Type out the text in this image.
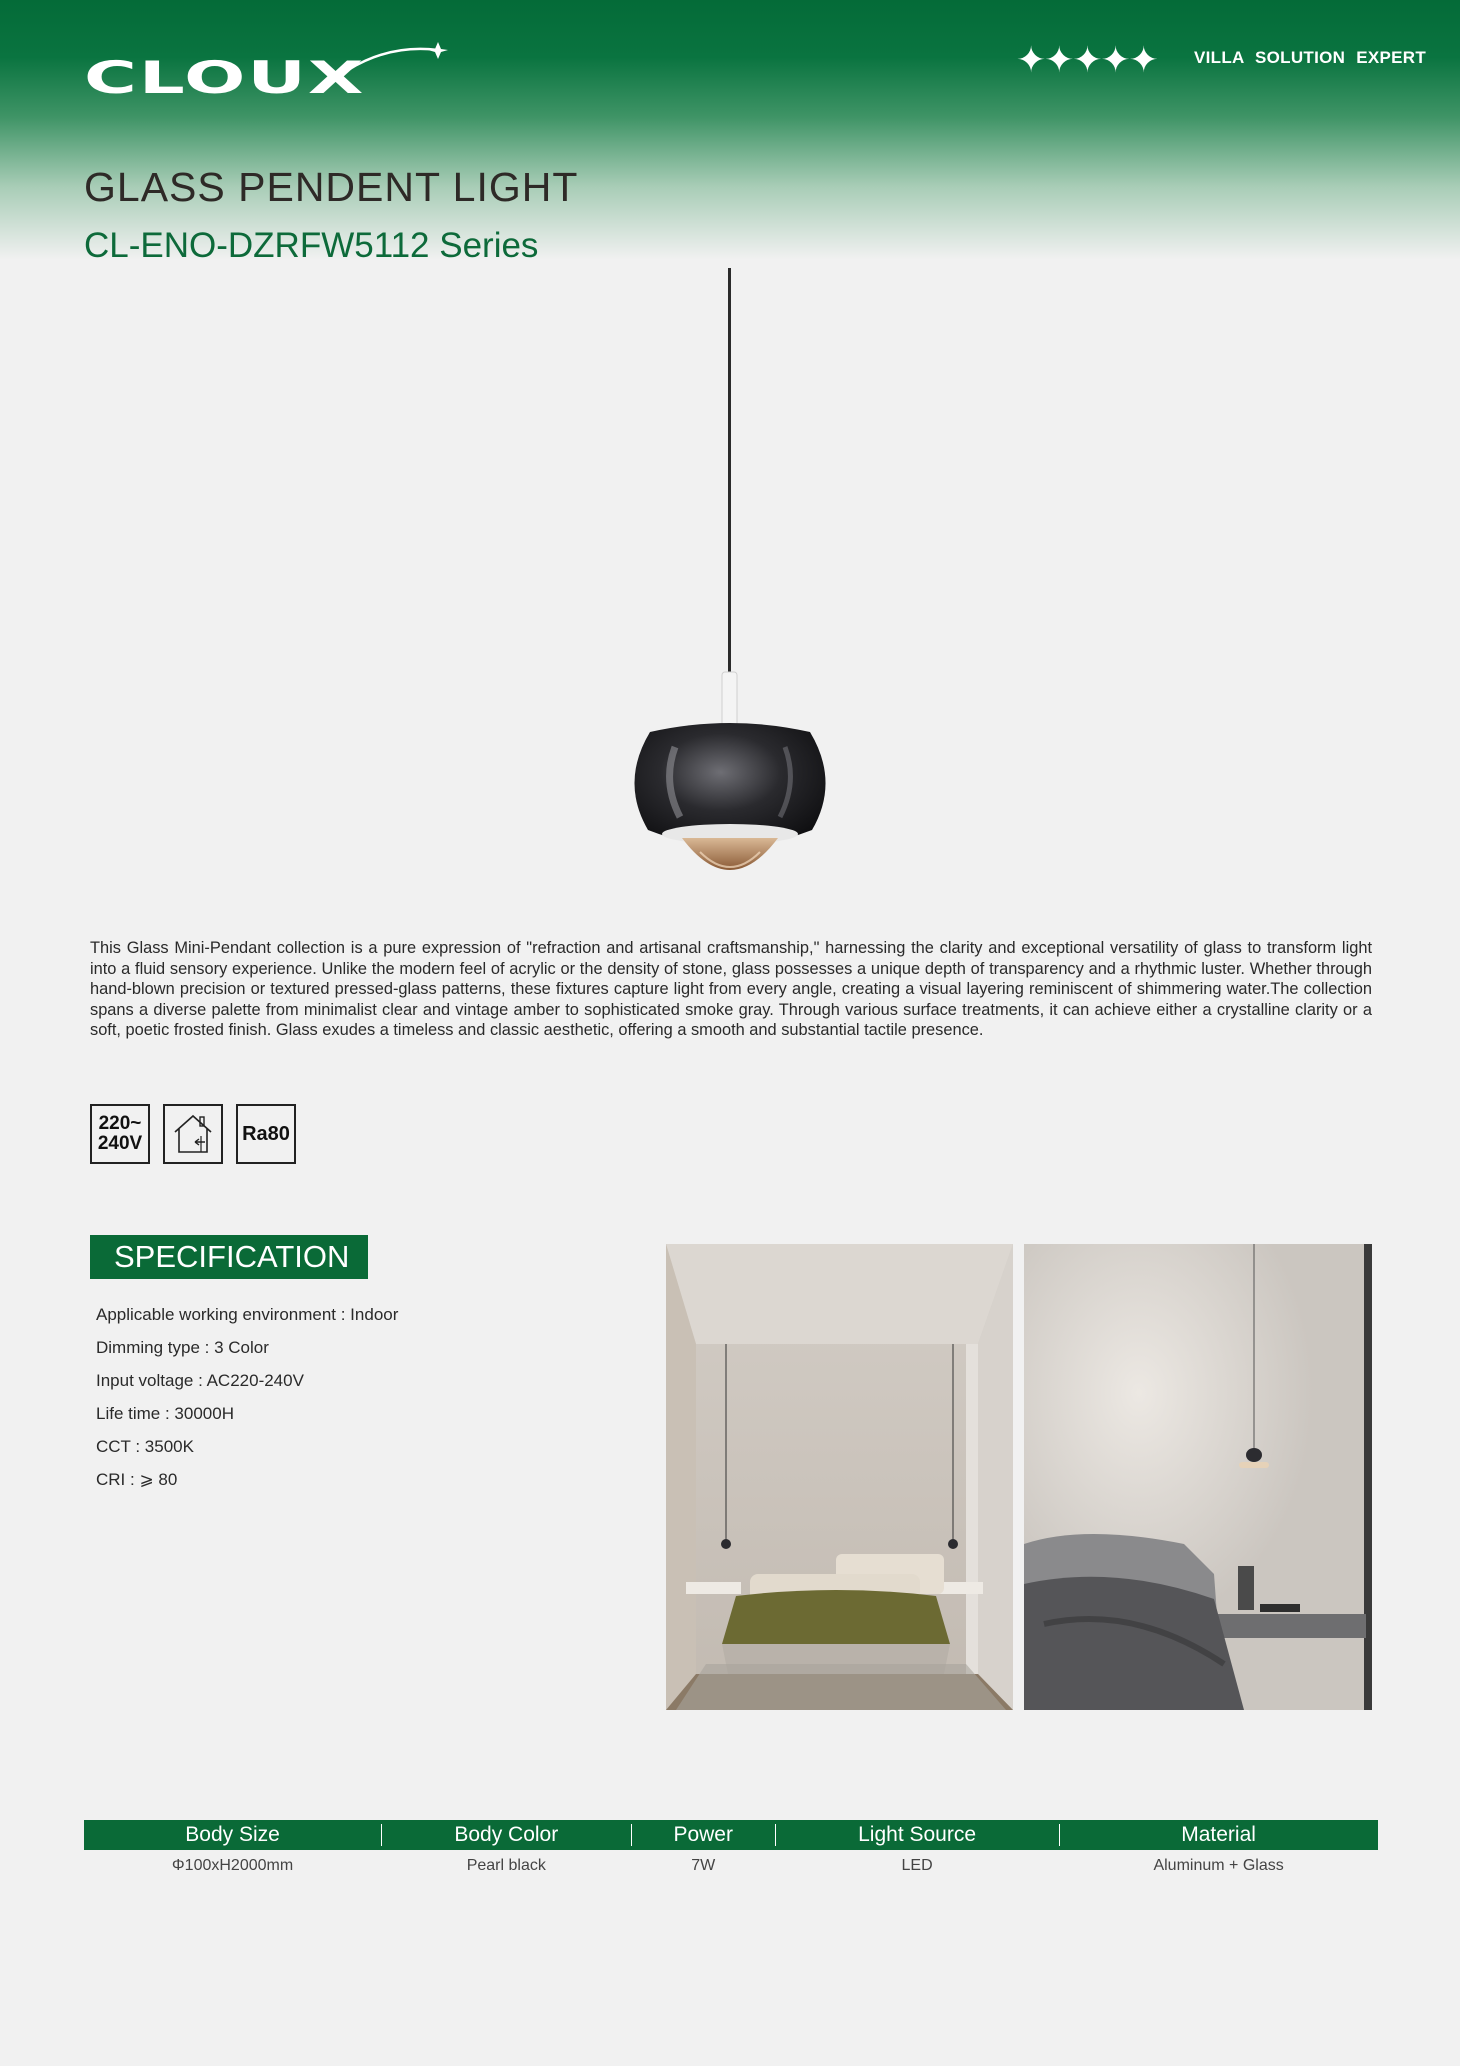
CLOUX	✦✦✦✦✦ VILLA SOLUTION EXPERT
GLASS PENDENT LIGHT
CL-ENO-DZRFW5112 Series

This Glass Mini-Pendant collection is a pure expression of "refraction and artisanal craftsmanship," harnessing the clarity and exceptional versatility of glass to transform light into a fluid sensory experience. Unlike the modern feel of acrylic or the density of stone, glass possesses a unique depth of transparency and a rhythmic luster. Whether through hand-blown precision or textured pressed-glass patterns, these fixtures capture light from every angle, creating a visual layering reminiscent of shimmering water.The collection spans a diverse palette from minimalist clear and vintage amber to sophisticated smoke gray. Through various surface treatments, it can achieve either a crystalline clarity or a soft, poetic frosted finish. Glass exudes a timeless and classic aesthetic, offering a smooth and substantial tactile presence.

220~
240V	Ra80
SPECIFICATION
Applicable working environment : Indoor
Dimming type : 3 Color
Input voltage : AC220-240V
Life time : 30000H
CCT : 3500K
CRI : ⩾ 80
Body Size	Body Color	Power	Light Source	Material
Φ100xH2000mm	Pearl black	7W	LED	Aluminum + Glass
